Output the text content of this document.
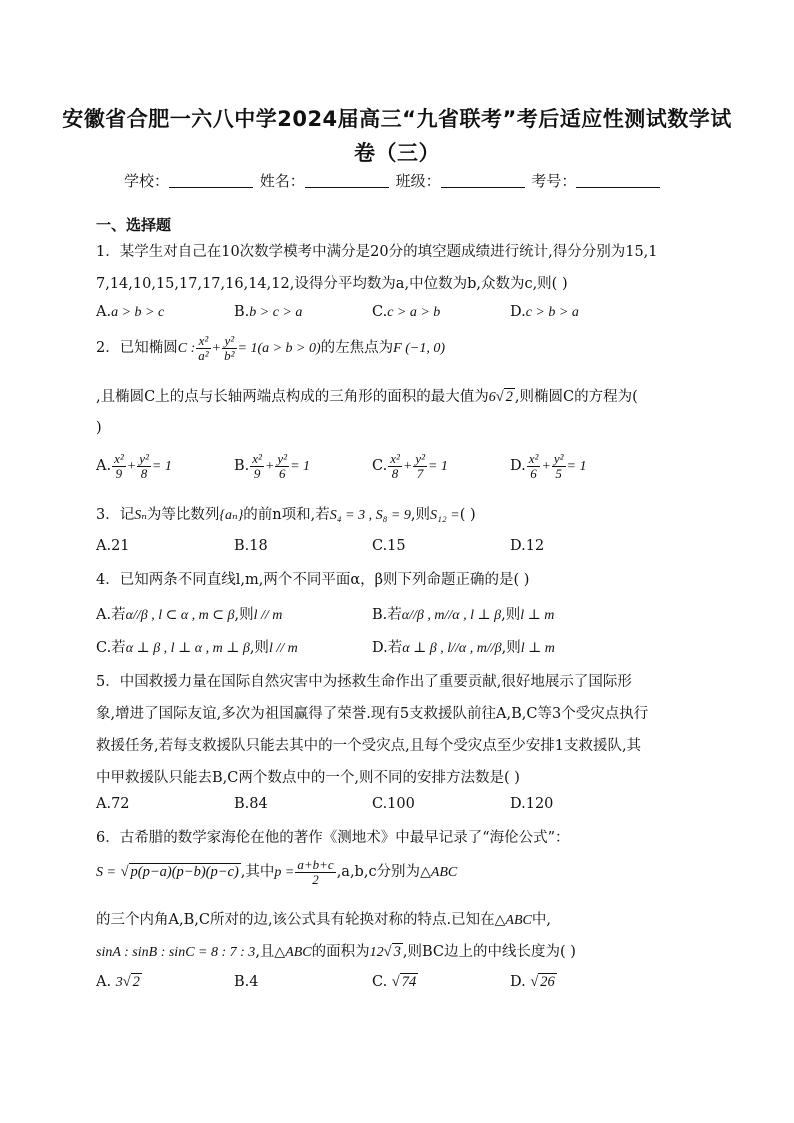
安徽省合肥一六八中学2024届高三“九省联考”考后适应性测试数学试
卷（三）
学校：	姓名：	班级：	考号：
一、选择题
1．某学生对自己在10次数学模考中满分是20分的填空题成绩进行统计,得分分别为15,1
7,14,10,15,17,17,16,14,12,设得分平均数为a,中位数为b,众数为c,则( )
A.a > b > c	B.b > c > a	C.c > a > b	D.c > b > a
2．已知椭圆C : $\frac{\text{x²}}{\text{a²}} + \frac{\text{y²}}{\text{b²}} = 1(a > b > 0)$的左焦点为F (−1, 0)
,且椭圆C上的点与长轴两端点构成的三角形的面积的最大值为6√ 2 ,则椭圆C的方程为(
)
A. $\frac{\text{x²}}{9} + \frac{\text{y²}}{8} = 1$	B. $\frac{\text{x²}}{9} + \frac{\text{y²}}{6} = 1$	C. $\frac{\text{x²}}{8} + \frac{\text{y²}}{7} = 1$	D. $\frac{\text{x²}}{6} + \frac{\text{y²}}{5} = 1$
3．记Sₙ为等比数列{aₙ}的前n项和,若S₄ = 3 , S₈ = 9,则S₁₂ =( )
A.21	B.18	C.15	D.12
4．已知两条不同直线l,m,两个不同平面α，β则下列命题正确的是( )
A.若α//β , l ⊂ α , m ⊂ β,则l // m	B.若α//β , m//α , l ⊥ β,则l ⊥ m
C.若α ⊥ β , l ⊥ α , m ⊥ β,则l // m	D.若α ⊥ β , l//α , m//β,则l ⊥ m
5．中国救援力量在国际自然灾害中为拯救生命作出了重要贡献,很好地展示了国际形
象,增进了国际友谊,多次为祖国赢得了荣誉.现有5支救援队前往A,B,C等3个受灾点执行
救援任务,若每支救援队只能去其中的一个受灾点,且每个受灾点至少安排1支救援队,其
中甲救援队只能去B,C两个数点中的一个,则不同的安排方法数是( )
A.72	B.84	C.100	D.120
6．古希腊的数学家海伦在他的著作《测地术》中最早记录了“海伦公式”：
S = √ p(p−a)(p−b)(p−c) ,其中$p = \frac{a+b+c}{2} ,a,b,c$分别为△ABC
的三个内角A,B,C所对的边,该公式具有轮换对称的特点.已知在△ABC中,
sinA : sinB : sinC = 8 : 7 : 3,且△ABC的面积为12√ 3 ,则BC边上的中线长度为( )
A. 3√ 2	B.4	C. √ 74	D. √ 26
